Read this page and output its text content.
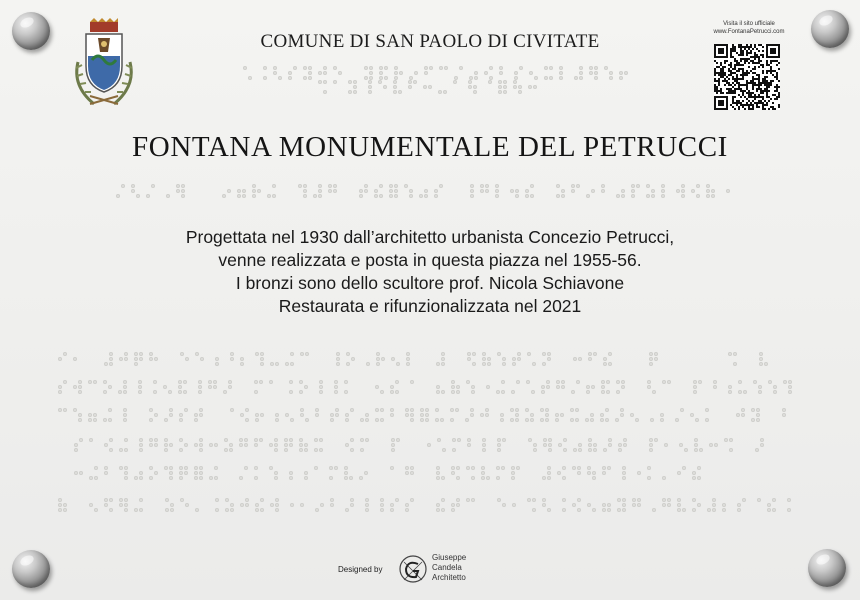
COMUNE DI SAN PAOLO DI CIVITATE
FONTANA MONUMENTALE DEL PETRUCCI
Progettata nel 1930 dall’architetto urbanista Concezio Petrucci,
venne realizzata e posta in questa piazza nel 1955-56.
I bronzi sono dello scultore prof. Nicola Schiavone
Restaurata e rifunzionalizzata nel 2021
Visita il sito ufficiale
www.FontanaPetrucci.com
Designed by
Giuseppe
Candela
Architetto
